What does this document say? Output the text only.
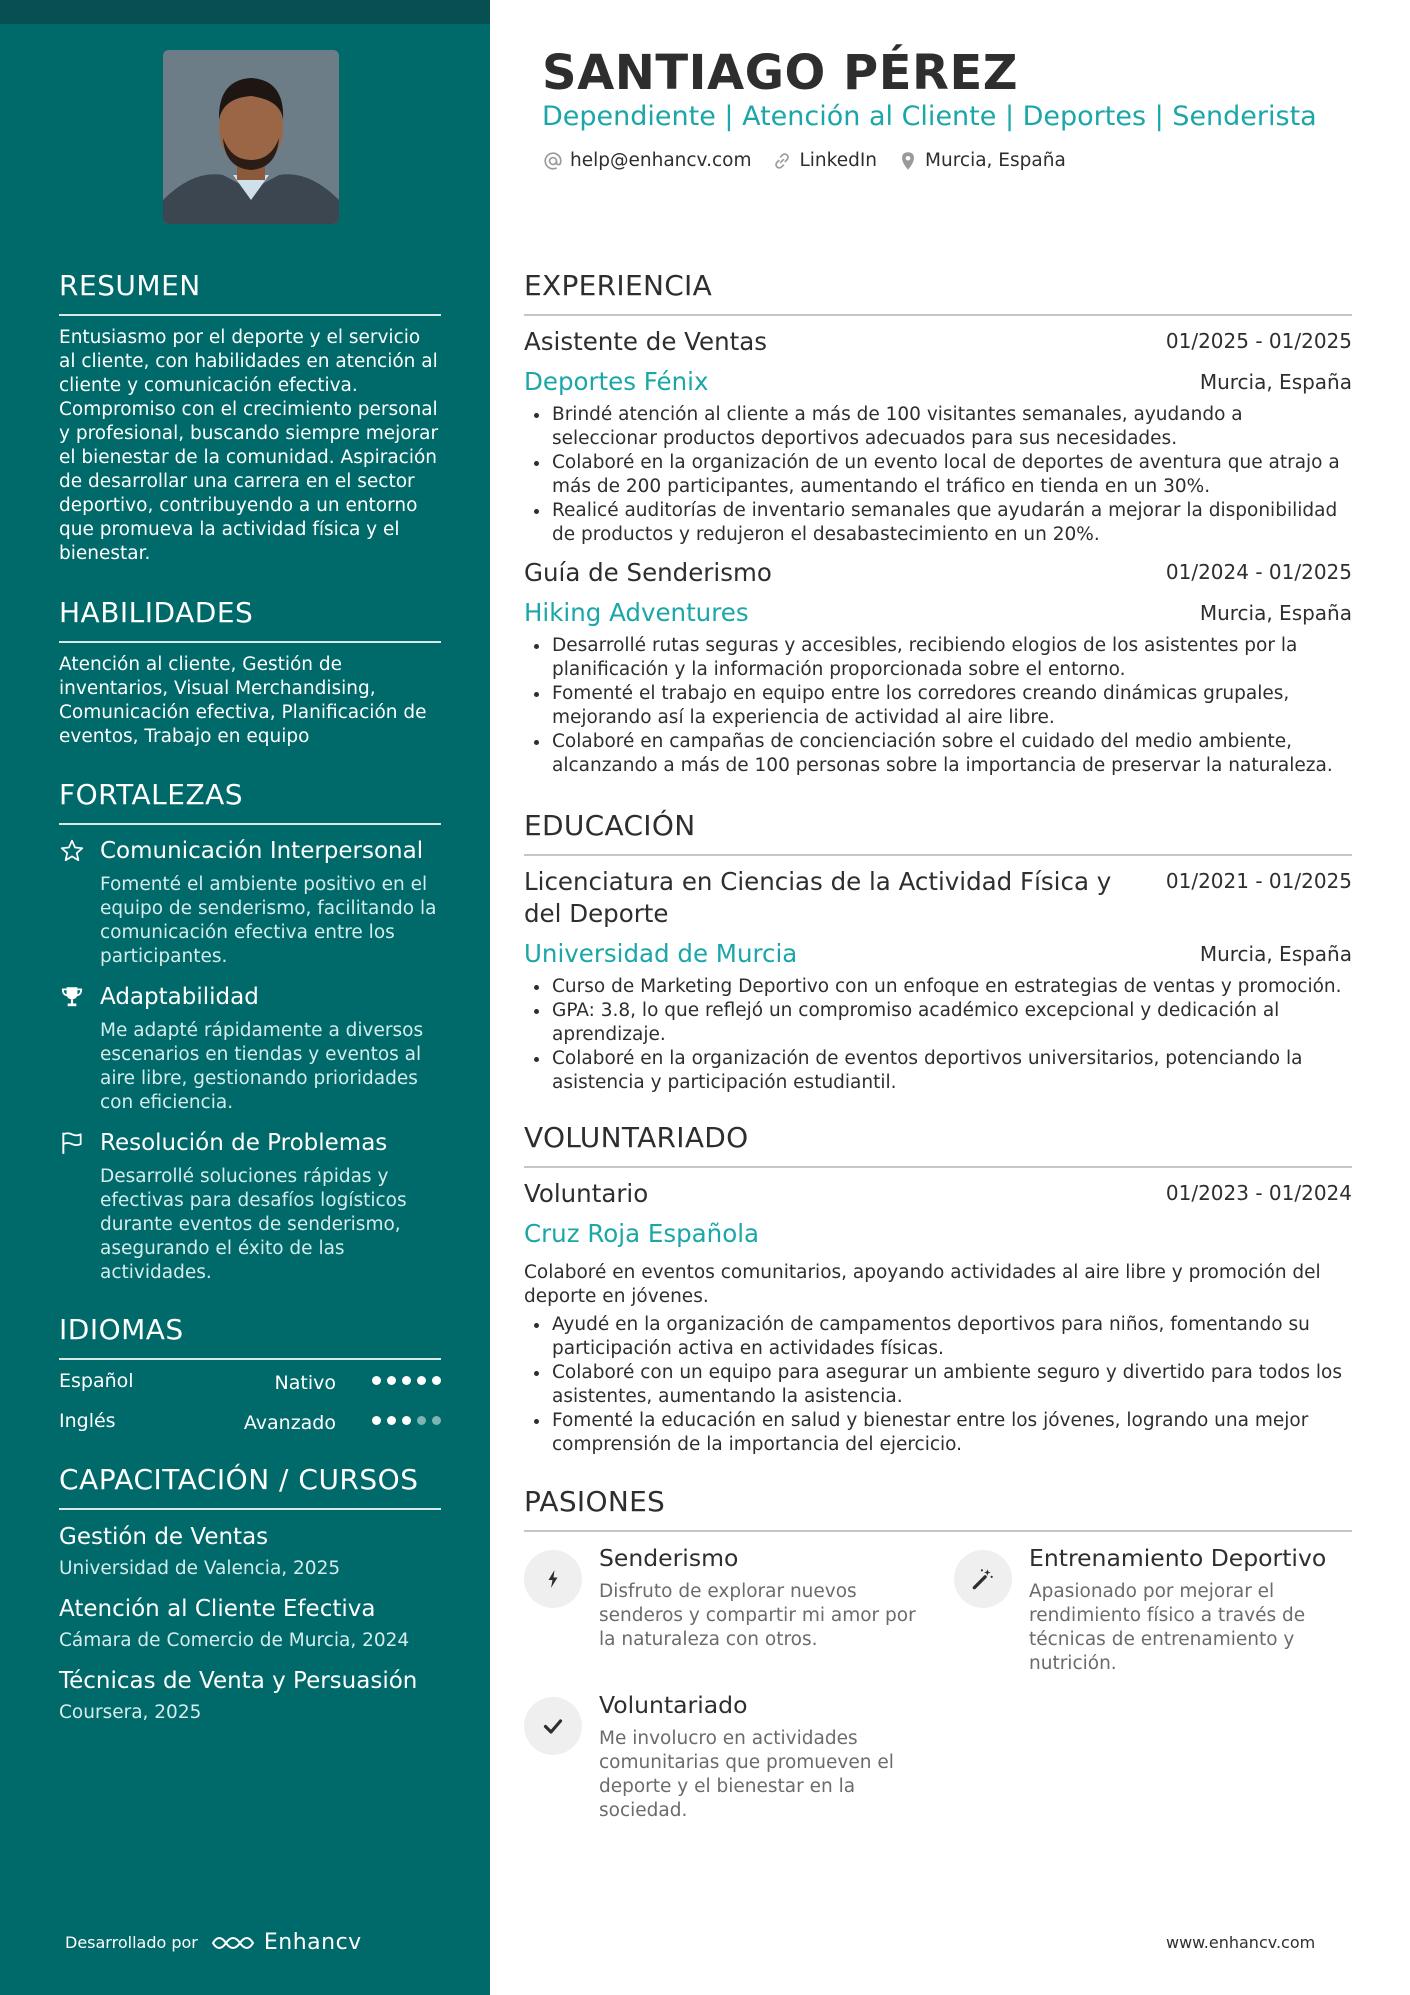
RESUMEN
Entusiasmo por el deporte y el servicio al cliente, con habilidades en atención al cliente y comunicación efectiva. Compromiso con el crecimiento personal y profesional, buscando siempre mejorar el bienestar de la comunidad. Aspiración de desarrollar una carrera en el sector deportivo, contribuyendo a un entorno que promueva la actividad física y el bienestar.
HABILIDADES
Atención al cliente, Gestión de inventarios, Visual Merchandising, Comunicación efectiva, Planificación de eventos, Trabajo en equipo
FORTALEZAS
Comunicación Interpersonal
Fomenté el ambiente positivo en el equipo de senderismo, facilitando la comunicación efectiva entre los participantes.
Adaptabilidad
Me adapté rápidamente a diversos escenarios en tiendas y eventos al aire libre, gestionando prioridades con eficiencia.
Resolución de Problemas
Desarrollé soluciones rápidas y efectivas para desafíos logísticos durante eventos de senderismo, asegurando el éxito de las actividades.
IDIOMAS
Español	Nativo
Inglés	Avanzado
CAPACITACIÓN / CURSOS
Gestión de Ventas
Universidad de Valencia, 2025
Atención al Cliente Efectiva
Cámara de Comercio de Murcia, 2024
Técnicas de Venta y Persuasión
Coursera, 2025
Desarrollado por	Enhancv
SANTIAGO PÉREZ
Dependiente | Atención al Cliente | Deportes | Senderista
help@enhancv.com	LinkedIn	Murcia, España
EXPERIENCIA
Asistente de Ventas	01/2025 - 01/2025
Deportes Fénix	Murcia, España
Brindé atención al cliente a más de 100 visitantes semanales, ayudando a seleccionar productos deportivos adecuados para sus necesidades.
Colaboré en la organización de un evento local de deportes de aventura que atrajo a más de 200 participantes, aumentando el tráfico en tienda en un 30%.
Realicé auditorías de inventario semanales que ayudarán a mejorar la disponibilidad de productos y redujeron el desabastecimiento en un 20%.
Guía de Senderismo	01/2024 - 01/2025
Hiking Adventures	Murcia, España
Desarrollé rutas seguras y accesibles, recibiendo elogios de los asistentes por la planificación y la información proporcionada sobre el entorno.
Fomenté el trabajo en equipo entre los corredores creando dinámicas grupales, mejorando así la experiencia de actividad al aire libre.
Colaboré en campañas de concienciación sobre el cuidado del medio ambiente, alcanzando a más de 100 personas sobre la importancia de preservar la naturaleza.
EDUCACIÓN
Licenciatura en Ciencias de la Actividad Física y del Deporte
01/2021 - 01/2025
Universidad de Murcia	Murcia, España
Curso de Marketing Deportivo con un enfoque en estrategias de ventas y promoción.
GPA: 3.8, lo que reflejó un compromiso académico excepcional y dedicación al aprendizaje.
Colaboré en la organización de eventos deportivos universitarios, potenciando la asistencia y participación estudiantil.
VOLUNTARIADO
Voluntario	01/2023 - 01/2024
Cruz Roja Española
Colaboré en eventos comunitarios, apoyando actividades al aire libre y promoción del deporte en jóvenes.
Ayudé en la organización de campamentos deportivos para niños, fomentando su participación activa en actividades físicas.
Colaboré con un equipo para asegurar un ambiente seguro y divertido para todos los asistentes, aumentando la asistencia.
Fomenté la educación en salud y bienestar entre los jóvenes, logrando una mejor comprensión de la importancia del ejercicio.
PASIONES
Senderismo
Disfruto de explorar nuevos senderos y compartir mi amor por la naturaleza con otros.
Entrenamiento Deportivo
Apasionado por mejorar el rendimiento físico a través de técnicas de entrenamiento y nutrición.
Voluntariado
Me involucro en actividades comunitarias que promueven el deporte y el bienestar en la sociedad.
www.enhancv.com
